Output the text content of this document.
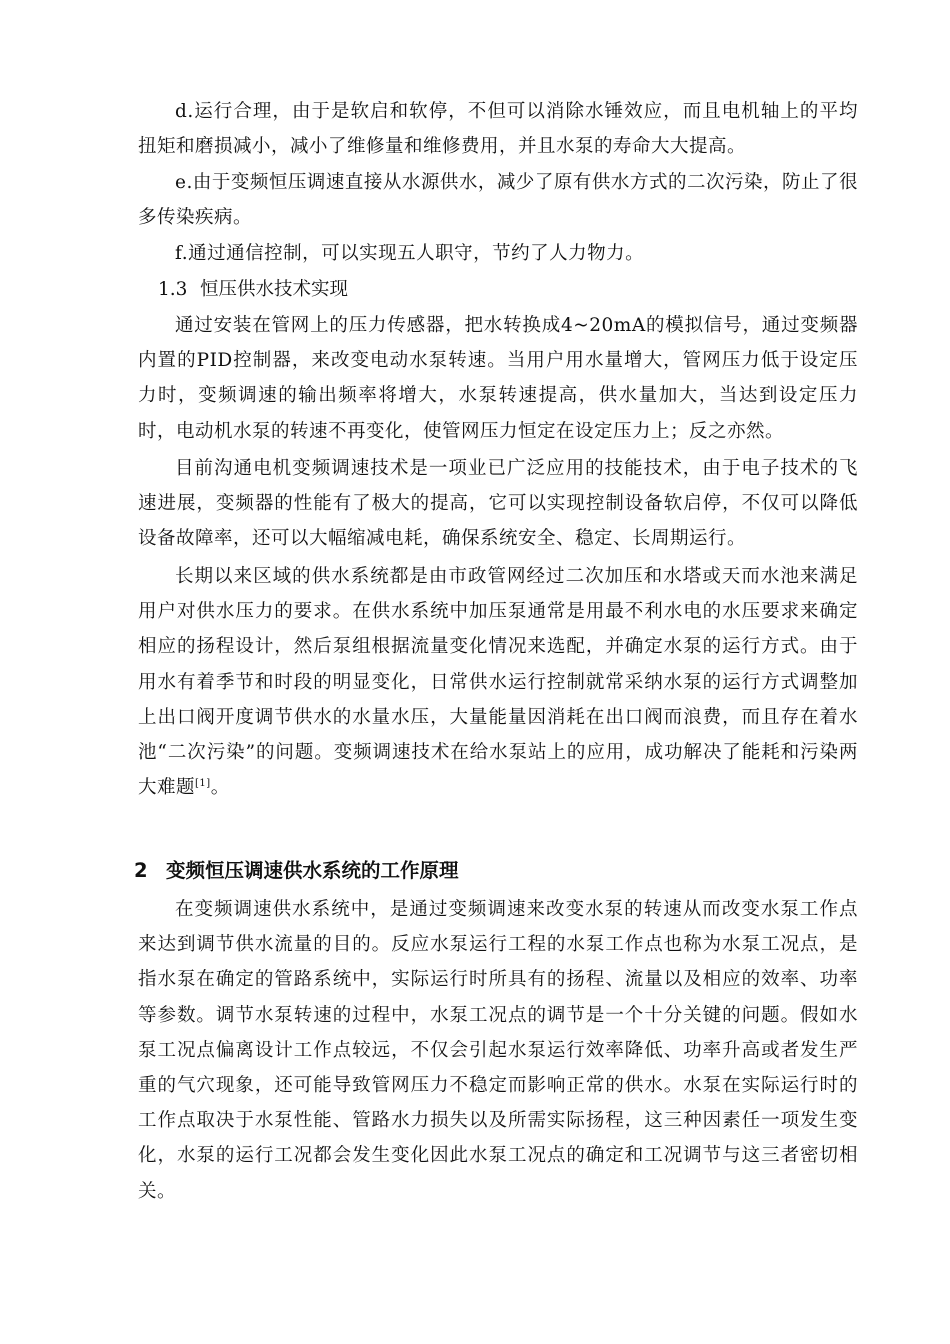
d.运行合理，由于是软启和软停，不但可以消除水锤效应，而且电机轴上的平均扭矩和磨损减小，减小了维修量和维修费用，并且水泵的寿命大大提高。

e.由于变频恒压调速直接从水源供水，减少了原有供水方式的二次污染，防止了很多传染疾病。

f.通过通信控制，可以实现五人职守，节约了人力物力。

1.3 恒压供水技术实现

通过安装在管网上的压力传感器，把水转换成4~20mA的模拟信号，通过变频器内置的PID控制器，来改变电动水泵转速。当用户用水量增大，管网压力低于设定压力时，变频调速的输出频率将增大，水泵转速提高，供水量加大，当达到设定压力时，电动机水泵的转速不再变化，使管网压力恒定在设定压力上；反之亦然。

目前沟通电机变频调速技术是一项业已广泛应用的技能技术，由于电子技术的飞速进展，变频器的性能有了极大的提高，它可以实现控制设备软启停，不仅可以降低设备故障率，还可以大幅缩减电耗，确保系统安全、稳定、长周期运行。

长期以来区域的供水系统都是由市政管网经过二次加压和水塔或天而水池来满足用户对供水压力的要求。在供水系统中加压泵通常是用最不利水电的水压要求来确定相应的扬程设计，然后泵组根据流量变化情况来选配，并确定水泵的运行方式。由于用水有着季节和时段的明显变化，日常供水运行控制就常采纳水泵的运行方式调整加上出口阀开度调节供水的水量水压，大量能量因消耗在出口阀而浪费，而且存在着水池“二次污染”的问题。变频调速技术在给水泵站上的应用，成功解决了能耗和污染两大难题[1]。

2 变频恒压调速供水系统的工作原理

在变频调速供水系统中，是通过变频调速来改变水泵的转速从而改变水泵工作点来达到调节供水流量的目的。反应水泵运行工程的水泵工作点也称为水泵工况点，是指水泵在确定的管路系统中，实际运行时所具有的扬程、流量以及相应的效率、功率等参数。调节水泵转速的过程中，水泵工况点的调节是一个十分关键的问题。假如水泵工况点偏离设计工作点较远，不仅会引起水泵运行效率降低、功率升高或者发生严重的气穴现象，还可能导致管网压力不稳定而影响正常的供水。水泵在实际运行时的工作点取决于水泵性能、管路水力损失以及所需实际扬程，这三种因素任一项发生变化，水泵的运行工况都会发生变化因此水泵工况点的确定和工况调节与这三者密切相关。
